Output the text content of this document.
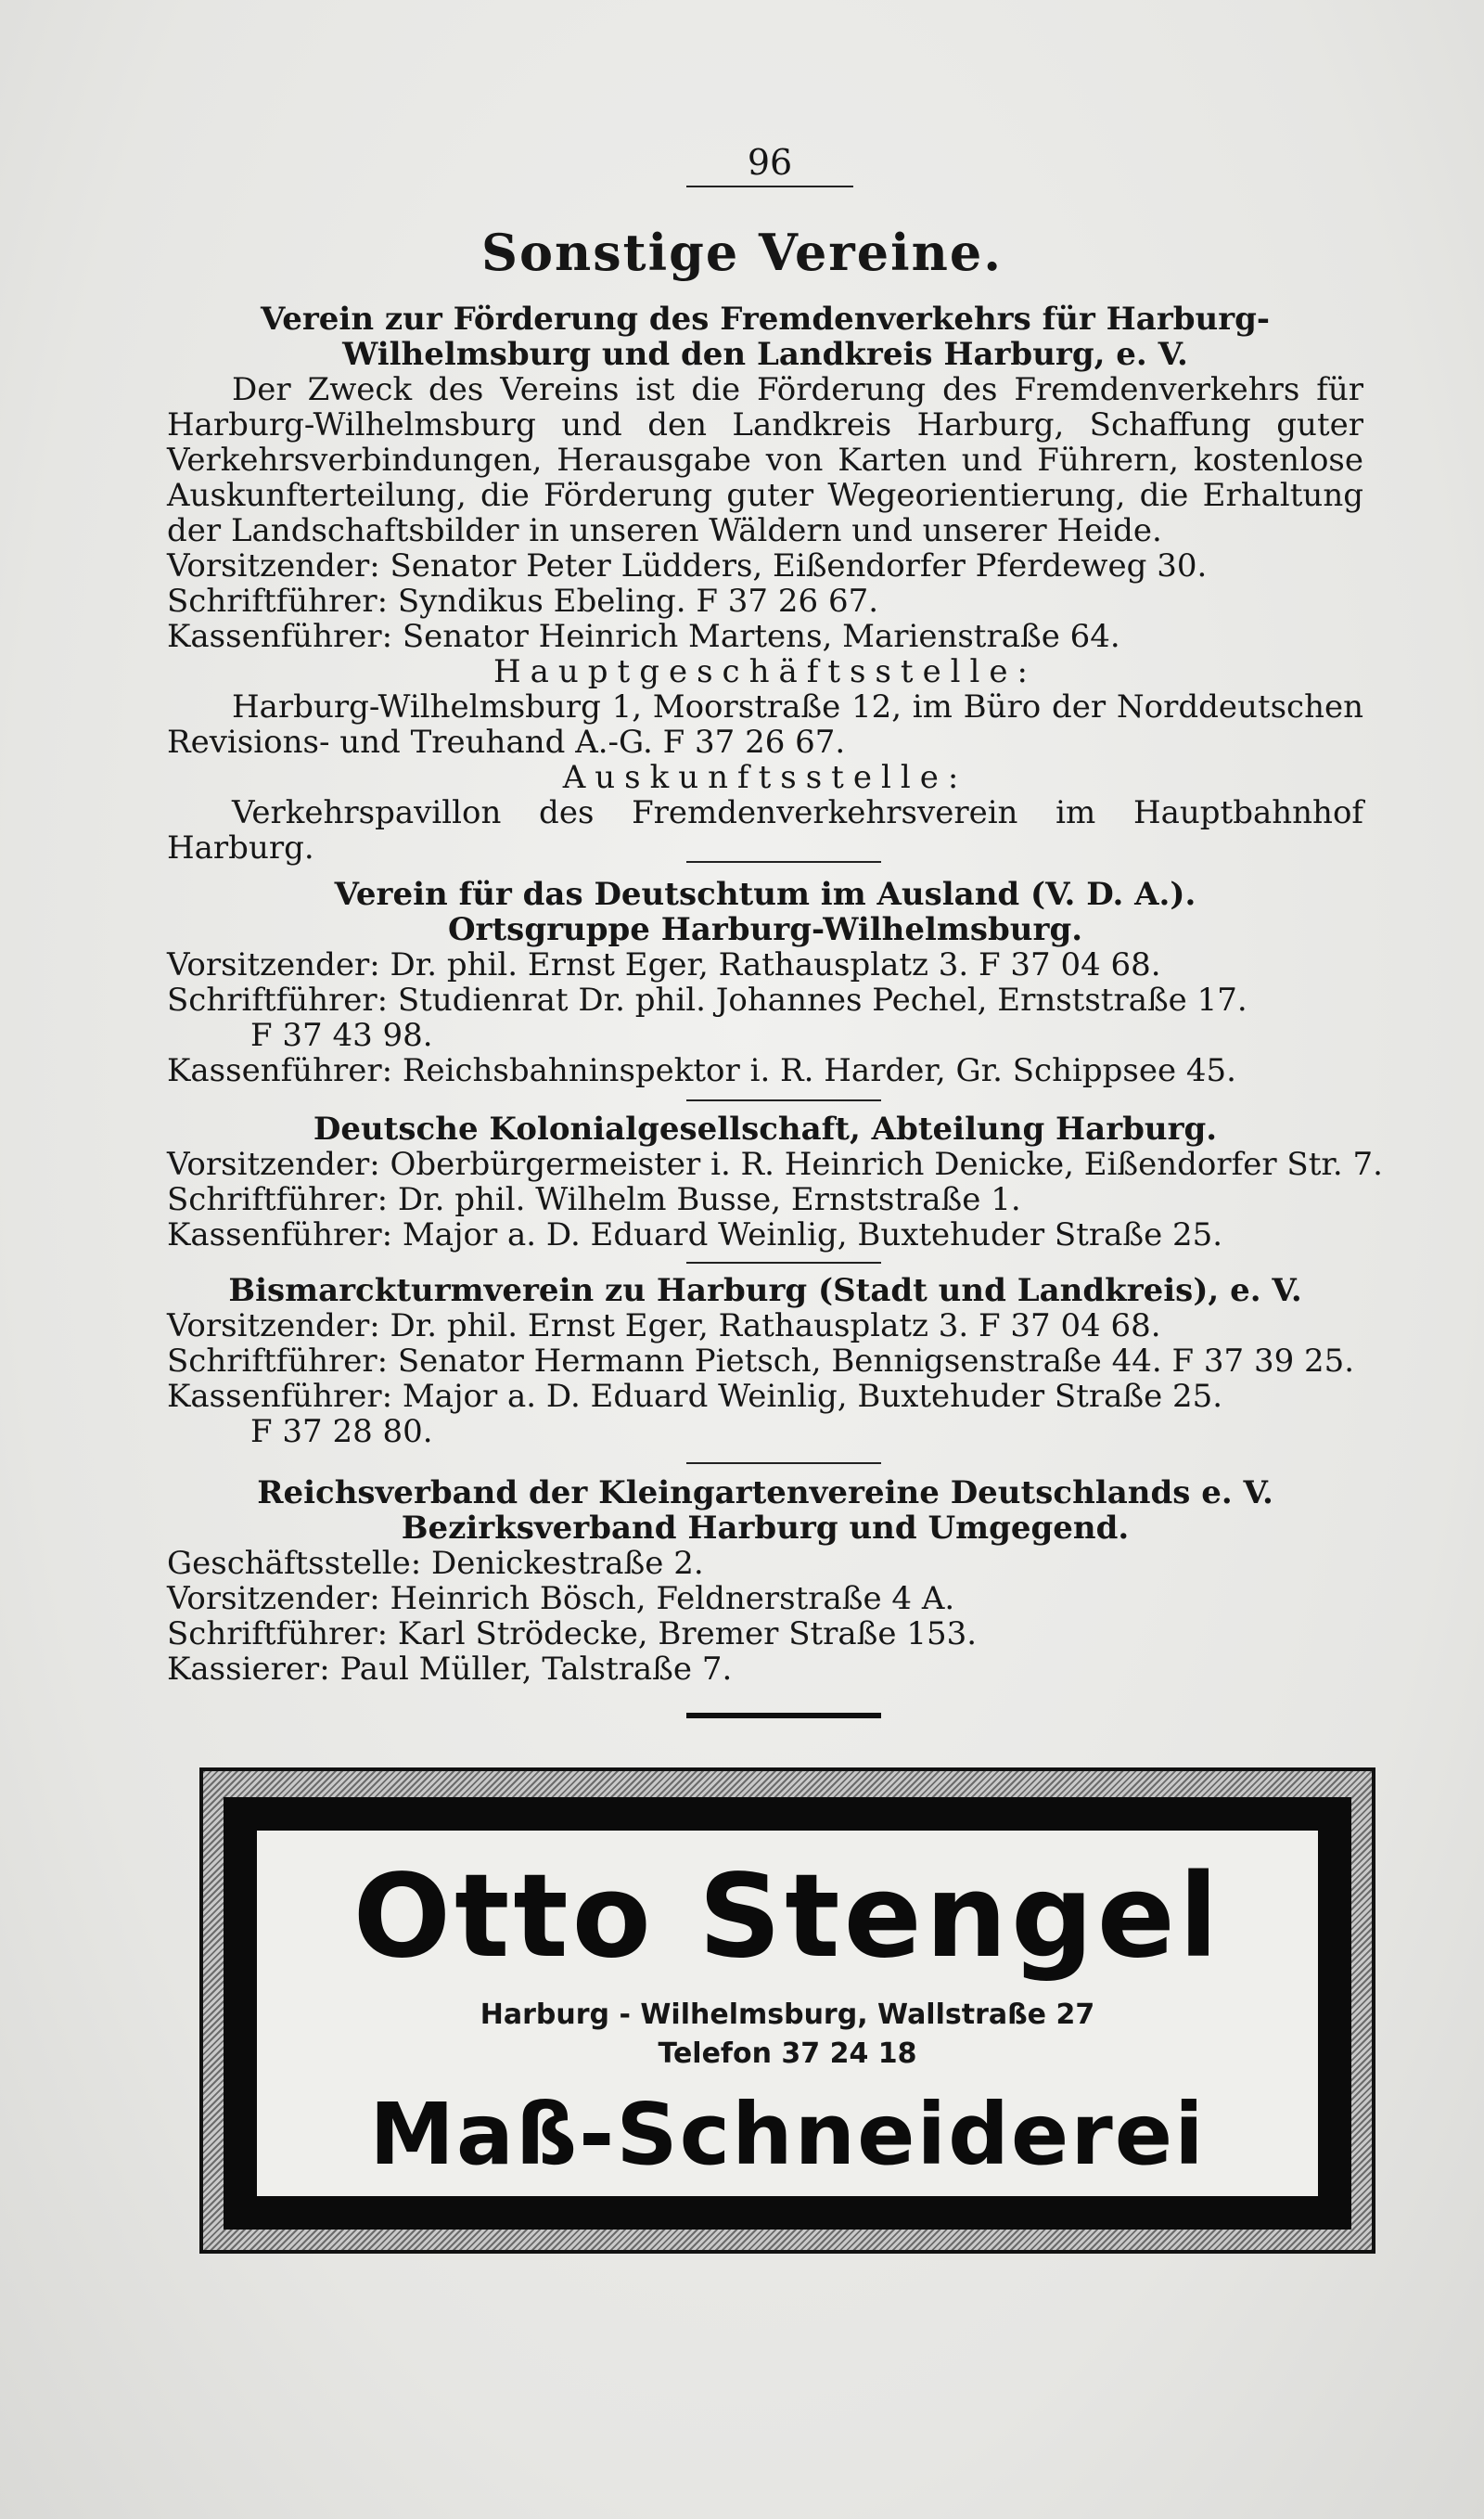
96
Sonstige Vereine.
Verein zur Förderung des Fremdenverkehrs für Harburg-Wilhelmsburg und den Landkreis Harburg, e. V.
Der Zweck des Vereins ist die Förderung des Fremdenverkehrs für Harburg-Wilhelmsburg und den Landkreis Harburg, Schaffung guter Verkehrsverbindungen, Herausgabe von Karten und Führern, kostenlose Auskunfterteilung, die Förderung guter Wegeorientierung, die Erhaltung der Landschaftsbilder in unseren Wäldern und unserer Heide.
Vorsitzender: Senator Peter Lüdders, Eißendorfer Pferdeweg 30.
Schriftführer: Syndikus Ebeling. F 37 26 67.
Kassenführer: Senator Heinrich Martens, Marienstraße 64.
Hauptgeschäftsstelle:
Harburg-Wilhelmsburg 1, Moorstraße 12, im Büro der Norddeutschen Revisions- und Treuhand A.-G. F 37 26 67.
Auskunftsstelle:
Verkehrspavillon des Fremdenverkehrsverein im Hauptbahnhof Harburg.
Verein für das Deutschtum im Ausland (V. D. A.).
Ortsgruppe Harburg-Wilhelmsburg.
Vorsitzender: Dr. phil. Ernst Eger, Rathausplatz 3. F 37 04 68.
Schriftführer: Studienrat Dr. phil. Johannes Pechel, Ernststraße 17.
F 37 43 98.
Kassenführer: Reichsbahninspektor i. R. Harder, Gr. Schippsee 45.
Deutsche Kolonialgesellschaft, Abteilung Harburg.
Vorsitzender: Oberbürgermeister i. R. Heinrich Denicke, Eißendorfer Str. 7.
Schriftführer: Dr. phil. Wilhelm Busse, Ernststraße 1.
Kassenführer: Major a. D. Eduard Weinlig, Buxtehuder Straße 25.
Bismarckturmverein zu Harburg (Stadt und Landkreis), e. V.
Vorsitzender: Dr. phil. Ernst Eger, Rathausplatz 3. F 37 04 68.
Schriftführer: Senator Hermann Pietsch, Bennigsenstraße 44. F 37 39 25.
Kassenführer: Major a. D. Eduard Weinlig, Buxtehuder Straße 25.
F 37 28 80.
Reichsverband der Kleingartenvereine Deutschlands e. V.
Bezirksverband Harburg und Umgegend.
Geschäftsstelle: Denickestraße 2.
Vorsitzender: Heinrich Bösch, Feldnerstraße 4 A.
Schriftführer: Karl Strödecke, Bremer Straße 153.
Kassierer: Paul Müller, Talstraße 7.
Otto Stengel
Harburg - Wilhelmsburg, Wallstraße 27
Telefon 37 24 18
Maß-Schneiderei
